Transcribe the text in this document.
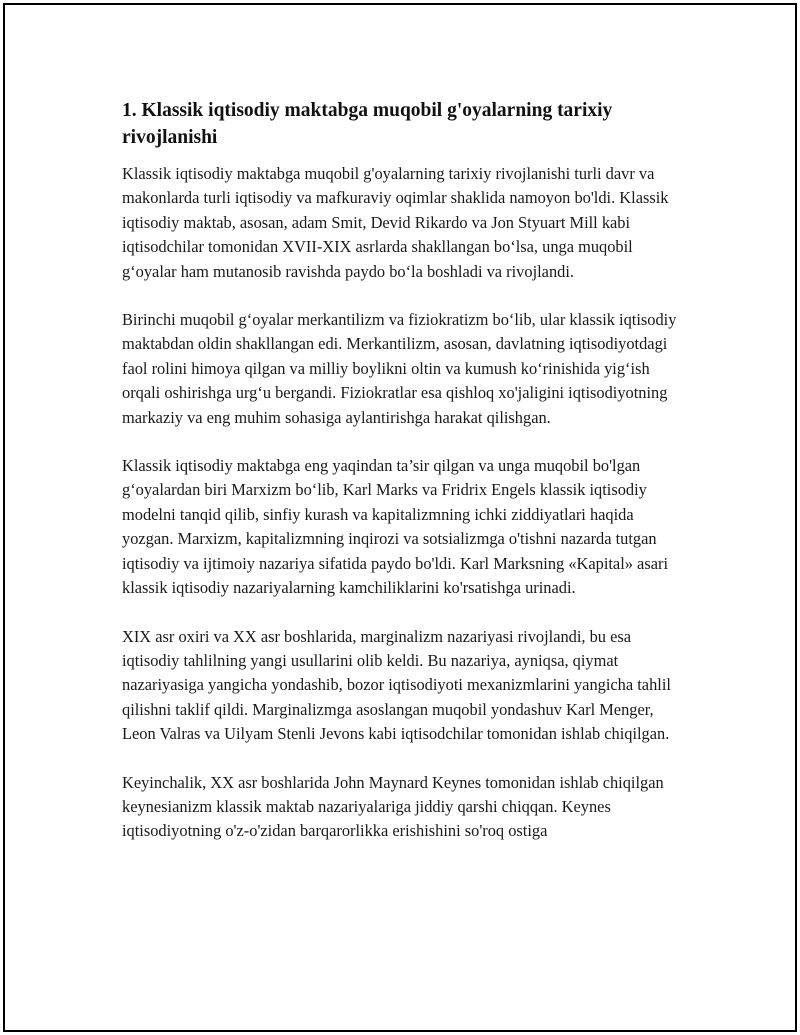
1. Klassik iqtisodiy maktabga muqobil g'oyalarning tarixiy rivojlanishi

Klassik iqtisodiy maktabga muqobil g'oyalarning tarixiy rivojlanishi turli davr va makonlarda turli iqtisodiy va mafkuraviy oqimlar shaklida namoyon bo'ldi. Klassik iqtisodiy maktab, asosan, adam Smit, Devid Rikardo va Jon Styuart Mill kabi iqtisodchilar tomonidan XVII-XIX asrlarda shakllangan bo‘lsa, unga muqobil g‘oyalar ham mutanosib ravishda paydo bo‘la boshladi va rivojlandi.

Birinchi muqobil g‘oyalar merkantilizm va fiziokratizm bo‘lib, ular klassik iqtisodiy maktabdan oldin shakllangan edi. Merkantilizm, asosan, davlatning iqtisodiyotdagi faol rolini himoya qilgan va milliy boylikni oltin va kumush ko‘rinishida yig‘ish orqali oshirishga urg‘u bergandi. Fiziokratlar esa qishloq xo'jaligini iqtisodiyotning markaziy va eng muhim sohasiga aylantirishga harakat qilishgan.

Klassik iqtisodiy maktabga eng yaqindan ta’sir qilgan va unga muqobil bo'lgan g‘oyalardan biri Marxizm bo‘lib, Karl Marks va Fridrix Engels klassik iqtisodiy modelni tanqid qilib, sinfiy kurash va kapitalizmning ichki ziddiyatlari haqida yozgan. Marxizm, kapitalizmning inqirozi va sotsializmga o'tishni nazarda tutgan iqtisodiy va ijtimoiy nazariya sifatida paydo bo'ldi. Karl Marksning «Kapital» asari klassik iqtisodiy nazariyalarning kamchiliklarini ko'rsatishga urinadi.

XIX asr oxiri va XX asr boshlarida, marginalizm nazariyasi rivojlandi, bu esa iqtisodiy tahlilning yangi usullarini olib keldi. Bu nazariya, ayniqsa, qiymat nazariyasiga yangicha yondashib, bozor iqtisodiyoti mexanizmlarini yangicha tahlil qilishni taklif qildi. Marginalizmga asoslangan muqobil yondashuv Karl Menger, Leon Valras va Uilyam Stenli Jevons kabi iqtisodchilar tomonidan ishlab chiqilgan.

Keyinchalik, XX asr boshlarida John Maynard Keynes tomonidan ishlab chiqilgan keynesianizm klassik maktab nazariyalariga jiddiy qarshi chiqqan. Keynes iqtisodiyotning o'z-o'zidan barqarorlikka erishishini so'roq ostiga
